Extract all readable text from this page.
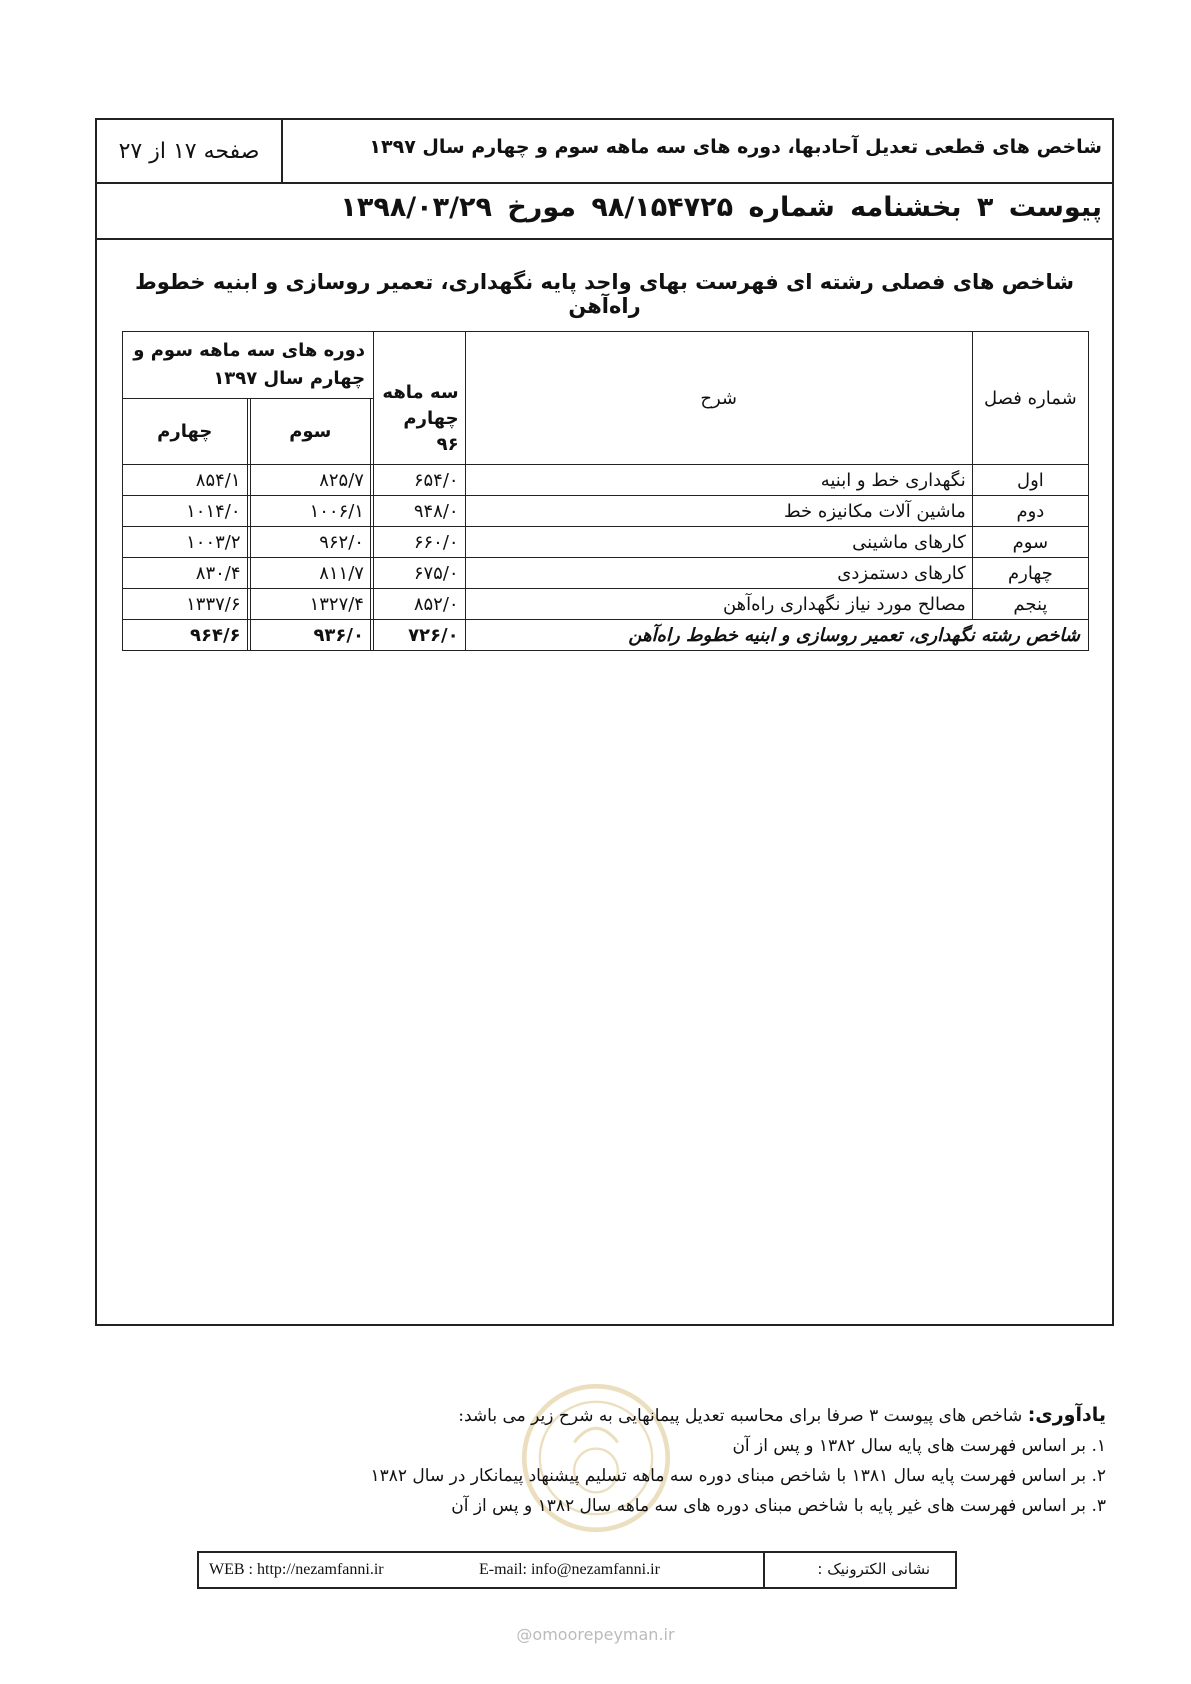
شاخص های قطعی تعدیل آحادبها، دوره های سه ماهه سوم و چهارم سال ۱۳۹۷
صفحه ۱۷ از ۲۷
پیوست ۳ بخشنامه شماره ۹۸/۱۵۴۷۲۵ مورخ ۱۳۹۸/۰۳/۲۹
شاخص های فصلی رشته ای فهرست بهای واحد پایه نگهداری، تعمیر روسازی و ابنیه خطوط راه‌آهن
شماره فصل	شرح	سه ماهه چهارم ۹۶	دوره های سه ماهه سوم و چهارم سال ۱۳۹۷			
				سوم		چهارم
اول	نگهداری خط و ابنیه	۶۵۴/۰		۸۲۵/۷		۸۵۴/۱
دوم	ماشین آلات مکانیزه خط	۹۴۸/۰		۱۰۰۶/۱		۱۰۱۴/۰
سوم	کارهای ماشینی	۶۶۰/۰		۹۶۲/۰		۱۰۰۳/۲
چهارم	کارهای دستمزدی	۶۷۵/۰		۸۱۱/۷		۸۳۰/۴
پنجم	مصالح مورد نیاز نگهداری راه‌آهن	۸۵۲/۰		۱۳۲۷/۴		۱۳۳۷/۶
شاخص رشته نگهداری، تعمیر روسازی و ابنیه خطوط راه‌آهن		۷۲۶/۰		۹۳۶/۰		۹۶۴/۶
یادآوری: شاخص های پیوست ۳ صرفا برای محاسبه تعدیل پیمانهایی به شرح زیر می باشد:
۱. بر اساس فهرست های پایه سال ۱۳۸۲ و پس از آن
۲. بر اساس فهرست پایه سال ۱۳۸۱ با شاخص مبنای دوره سه ماهه تسلیم پیشنهاد پیمانکار در سال ۱۳۸۲
۳. بر اساس فهرست های غیر پایه با شاخص مبنای دوره های سه ماهه سال ۱۳۸۲ و پس از آن
WEB : http://nezamfanni.ir	E-mail: info@nezamfanni.ir	نشانی الکترونیک :
@omoorepeyman.ir
